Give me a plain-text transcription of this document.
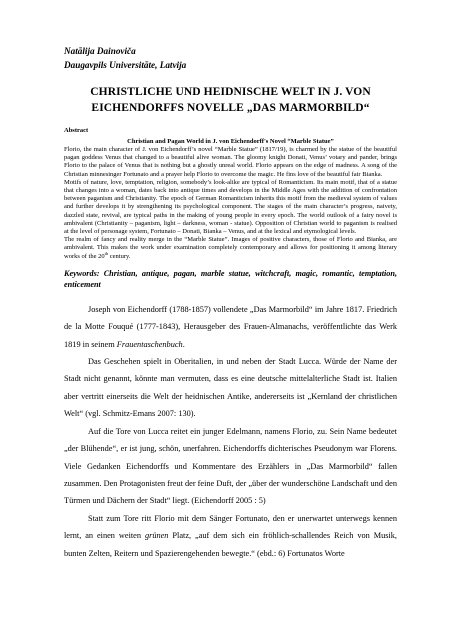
Natālija Dainoviča
Daugavpils Universitāte, Latvija
CHRISTLICHE UND HEIDNISCHE WELT IN J. VON
EICHENDORFFS NOVELLE „DAS MARMORBILD“
Abstract
Christian and Pagan World in J. von Eichendorff's Novel “Marble Statue”

Florio, the main character of J. von Eichendorff’s novel “Marble Statue” (1817/19), is charmed by the statue of the beautiful pagan goddess Venus that changed to a beautiful alive woman. The gloomy knight Donati, Venus’ votary and pander, brings Florio to the palace of Venus that is nothing but a ghostly unreal world. Florio appears on the edge of madness. A song of the Christian minnesinger Fortunato and a prayer help Florio to overcome the magic. He fins love of the beautiful fair Bianka.

Motifs of nature, love, temptation, religion, somebody’s look-alike are typical of Romanticism. Its main motif, that of a statue that changes into a woman, dates back into antique times and develops in the Middle Ages with the addition of confrontation between paganism and Christianity. The epoch of German Romanticism inherits this motif from the medieval system of values and further develops it by strengthening its psychological component. The stages of the main character’s progress, naivety, dazzled state, revival, are typical paths in the making of young people in every epoch. The world outlook of a fairy novel is ambivalent (Christianity – paganism, light – darkness, woman - statue). Opposition of Christian world to paganism is realised at the level of personage system, Fortunato – Donati, Bianka – Venus, and at the lexical and etymological levels.

The realm of fancy and reality merge in the “Marble Statue”. Images of positive characters, those of Florio and Bianka, are ambivalent. This makes the work under examination completely contemporary and allows for positioning it among literary works of the 20th century.

Keywords: Christian, antique, pagan, marble statue, witchcraft, magic, romantic, temptation, enticement

Joseph von Eichendorff (1788-1857) vollendete „Das Marmorbild“ im Jahre 1817. Friedrich de la Motte Fouqué (1777-1843), Herausgeber des Frauen-Almanachs, veröffentlichte das Werk 1819 in seinem Frauentaschenbuch.

Das Geschehen spielt in Oberitalien, in und neben der Stadt Lucca. Würde der Name der Stadt nicht genannt, könnte man vermuten, dass es eine deutsche mittelalterliche Stadt ist. Italien aber vertritt einerseits die Welt der heidnischen Antike, andererseits ist „Kernland der christlichen Welt“ (vgl. Schmitz-Emans 2007: 130).

Auf die Tore von Lucca reitet ein junger Edelmann, namens Florio, zu. Sein Name bedeutet „der Blühende“, er ist jung, schön, unerfahren. Eichendorffs dichterisches Pseudonym war Florens. Viele Gedanken Eichendorffs und Kommentare des Erzählers in „Das Marmorbild“ fallen zusammen. Den Protagonisten freut der feine Duft, der „über der wunderschöne Landschaft und den Türmen und Dächern der Stadt“ liegt. (Eichendorff 2005 : 5)

Statt zum Tore ritt Florio mit dem Sänger Fortunato, den er unerwartet unterwegs kennen lernt, an einen weiten grünen Platz, „auf dem sich ein fröhlich-schallendes Reich von Musik, bunten Zelten, Reitern und Spazierengehenden bewegte.“ (ebd.: 6) Fortunatos Worte
